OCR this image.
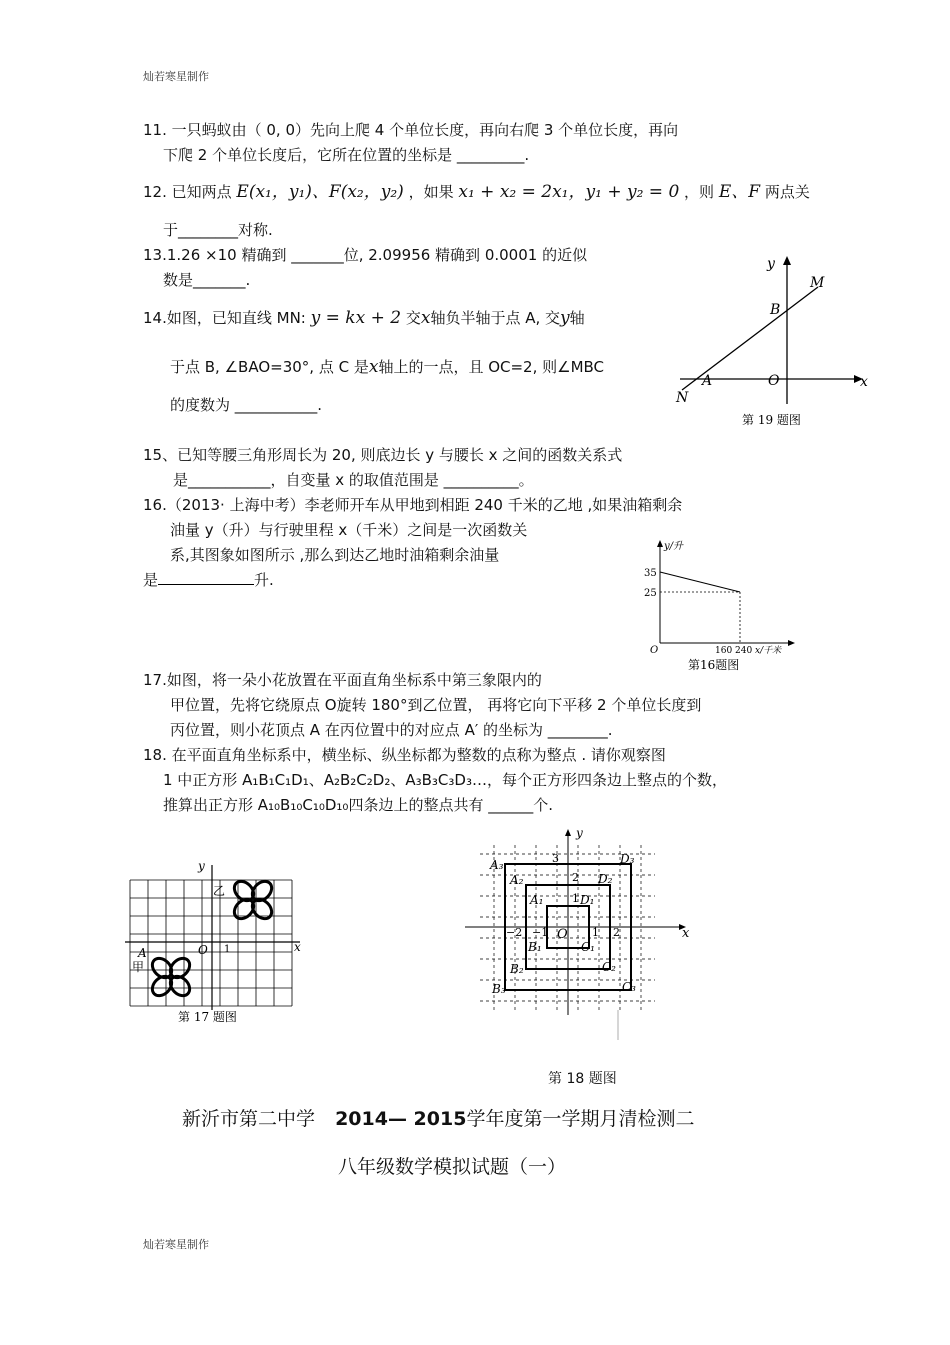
灿若寒星制作
11. 一只蚂蚁由（ 0, 0）先向上爬 4 个单位长度，再向右爬 3 个单位长度，再向
下爬 2 个单位长度后，它所在位置的坐标是 _________.
12. 已知两点 E(x₁，y₁)、F(x₂，y₂) ，如果 x₁ + x₂ = 2x₁，y₁ + y₂ = 0 ，则 E、F 两点关
于________对称.
13.1.26 ×10 精确到 _______位, 2.09956 精确到 0.0001 的近似
数是_______.
14.如图，已知直线 MN: y = kx + 2 交x轴负半轴于点 A, 交y轴
于点 B, ∠BAO=30°, 点 C 是x轴上的一点，且 OC=2, 则∠MBC
的度数为 ___________.
y
x
M
B
A	O
N
第 19 题图
15、已知等腰三角形周长为 20, 则底边长 y 与腰长 x 之间的函数关系式
是___________，自变量 x 的取值范围是 __________。
16.（2013· 上海中考）李老师开车从甲地到相距 240 千米的乙地 ,如果油箱剩余
油量 y（升）与行驶里程 x（千米）之间是一次函数关
系,其图象如图所示 ,那么到达乙地时油箱剩余油量
是	升.
y/升
35
25
O	160 240 x/千米
第16题图
17.如图，将一朵小花放置在平面直角坐标系中第三象限内的
甲位置，先将它绕原点 O旋转 180°到乙位置， 再将它向下平移 2 个单位长度到
丙位置，则小花顶点 A 在丙位置中的对应点 A′ 的坐标为 ________.
18. 在平面直角坐标系中，横坐标、纵坐标都为整数的点称为整点 . 请你观察图
1 中正方形 A₁B₁C₁D₁、A₂B₂C₂D₂、A₃B₃C₃D₃…，每个正方形四条边上整点的个数，
推算出正方形 A₁₀B₁₀C₁₀D₁₀四条边上的整点共有 ______个.
y
x
乙
甲
A	O 1
第 17 题图
y
x
O
A₁
A₂
A₃
B₁
B₂
B₃
C₁
C₂
C₃
D₁
D₂
D₃
1
2
3
−1
−2	1 2
第 18 题图
新沂市第二中学 2014— 2015学年度第一学期月清检测二
八年级数学模拟试题（一）
灿若寒星制作
